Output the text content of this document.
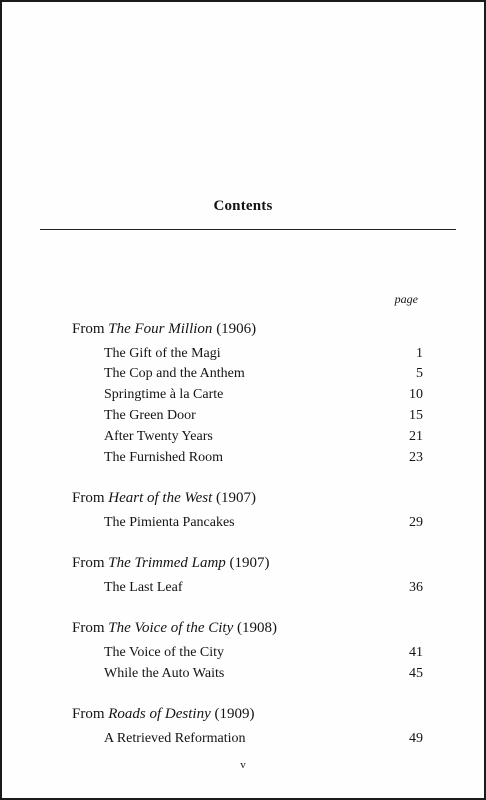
Contents
page
From The Four Million (1906)
The Gift of the Magi	1
The Cop and the Anthem	5
Springtime à la Carte	10
The Green Door	15
After Twenty Years	21
The Furnished Room	23
From Heart of the West (1907)
The Pimienta Pancakes	29
From The Trimmed Lamp (1907)
The Last Leaf	36
From The Voice of the City (1908)
The Voice of the City	41
While the Auto Waits	45
From Roads of Destiny (1909)
A Retrieved Reformation	49
v
